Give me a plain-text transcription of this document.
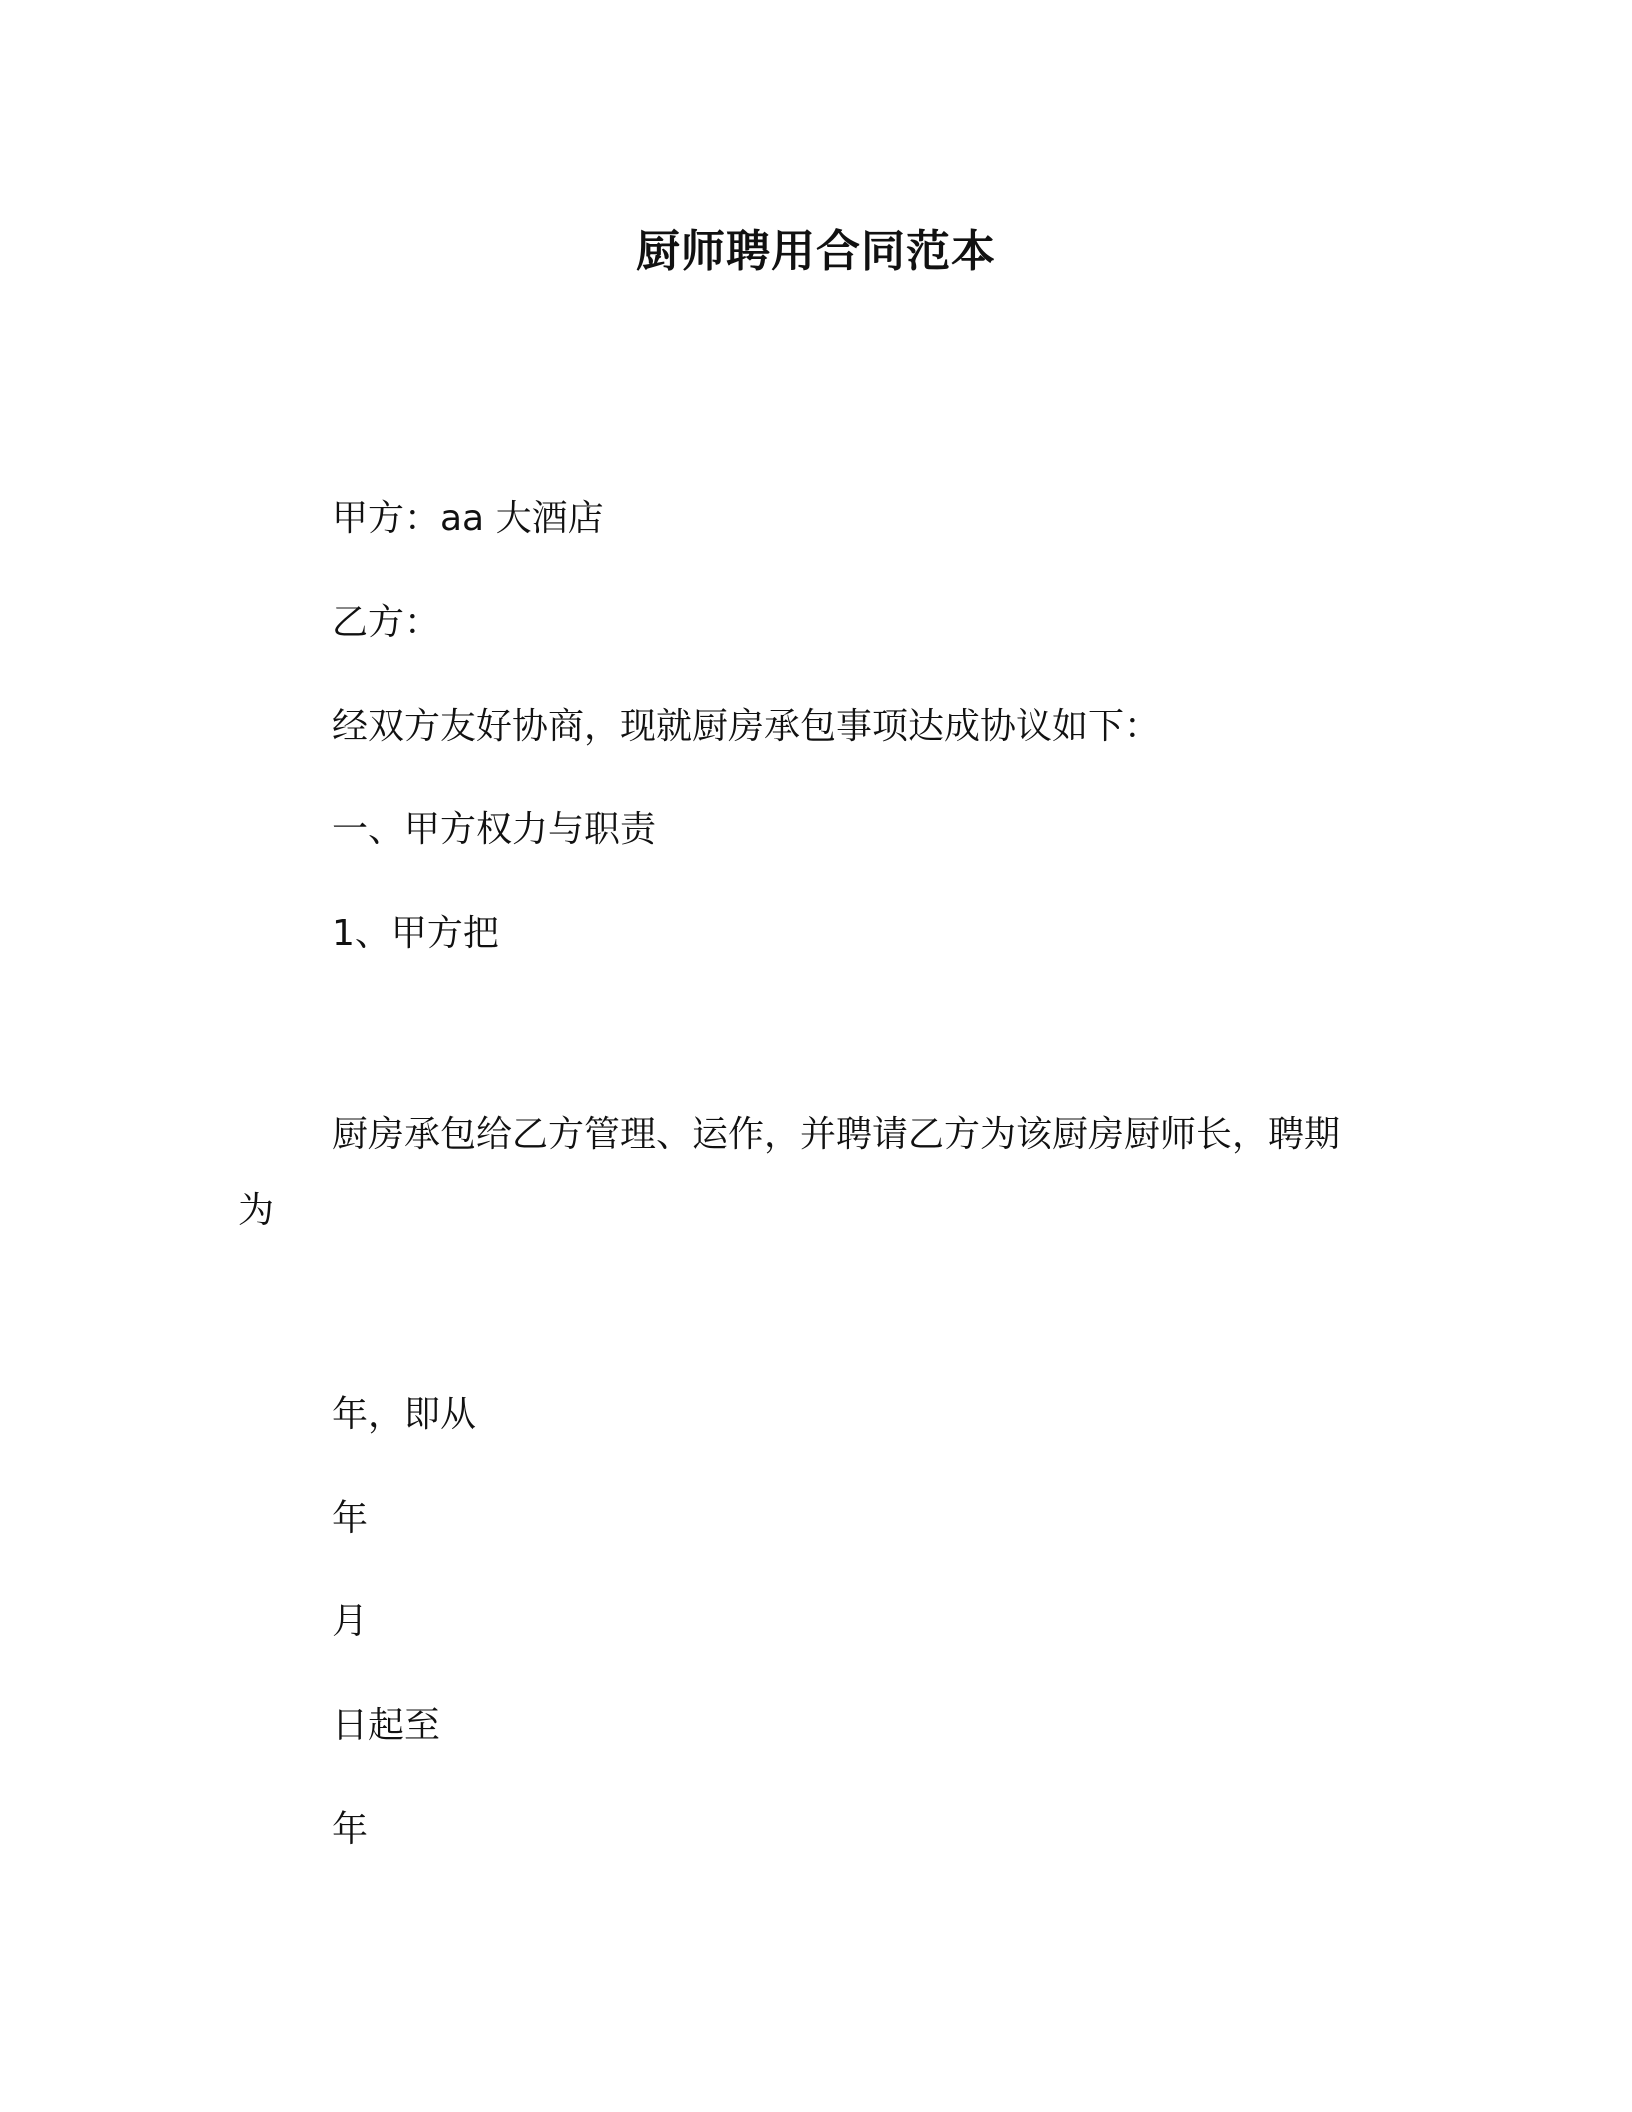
厨师聘用合同范本
甲方：aa 大酒店
乙方：
经双方友好协商，现就厨房承包事项达成协议如下：
一、甲方权力与职责
1、甲方把
厨房承包给乙方管理、运作，并聘请乙方为该厨房厨师长，聘期
为
年，即从
年
月
日起至
年
